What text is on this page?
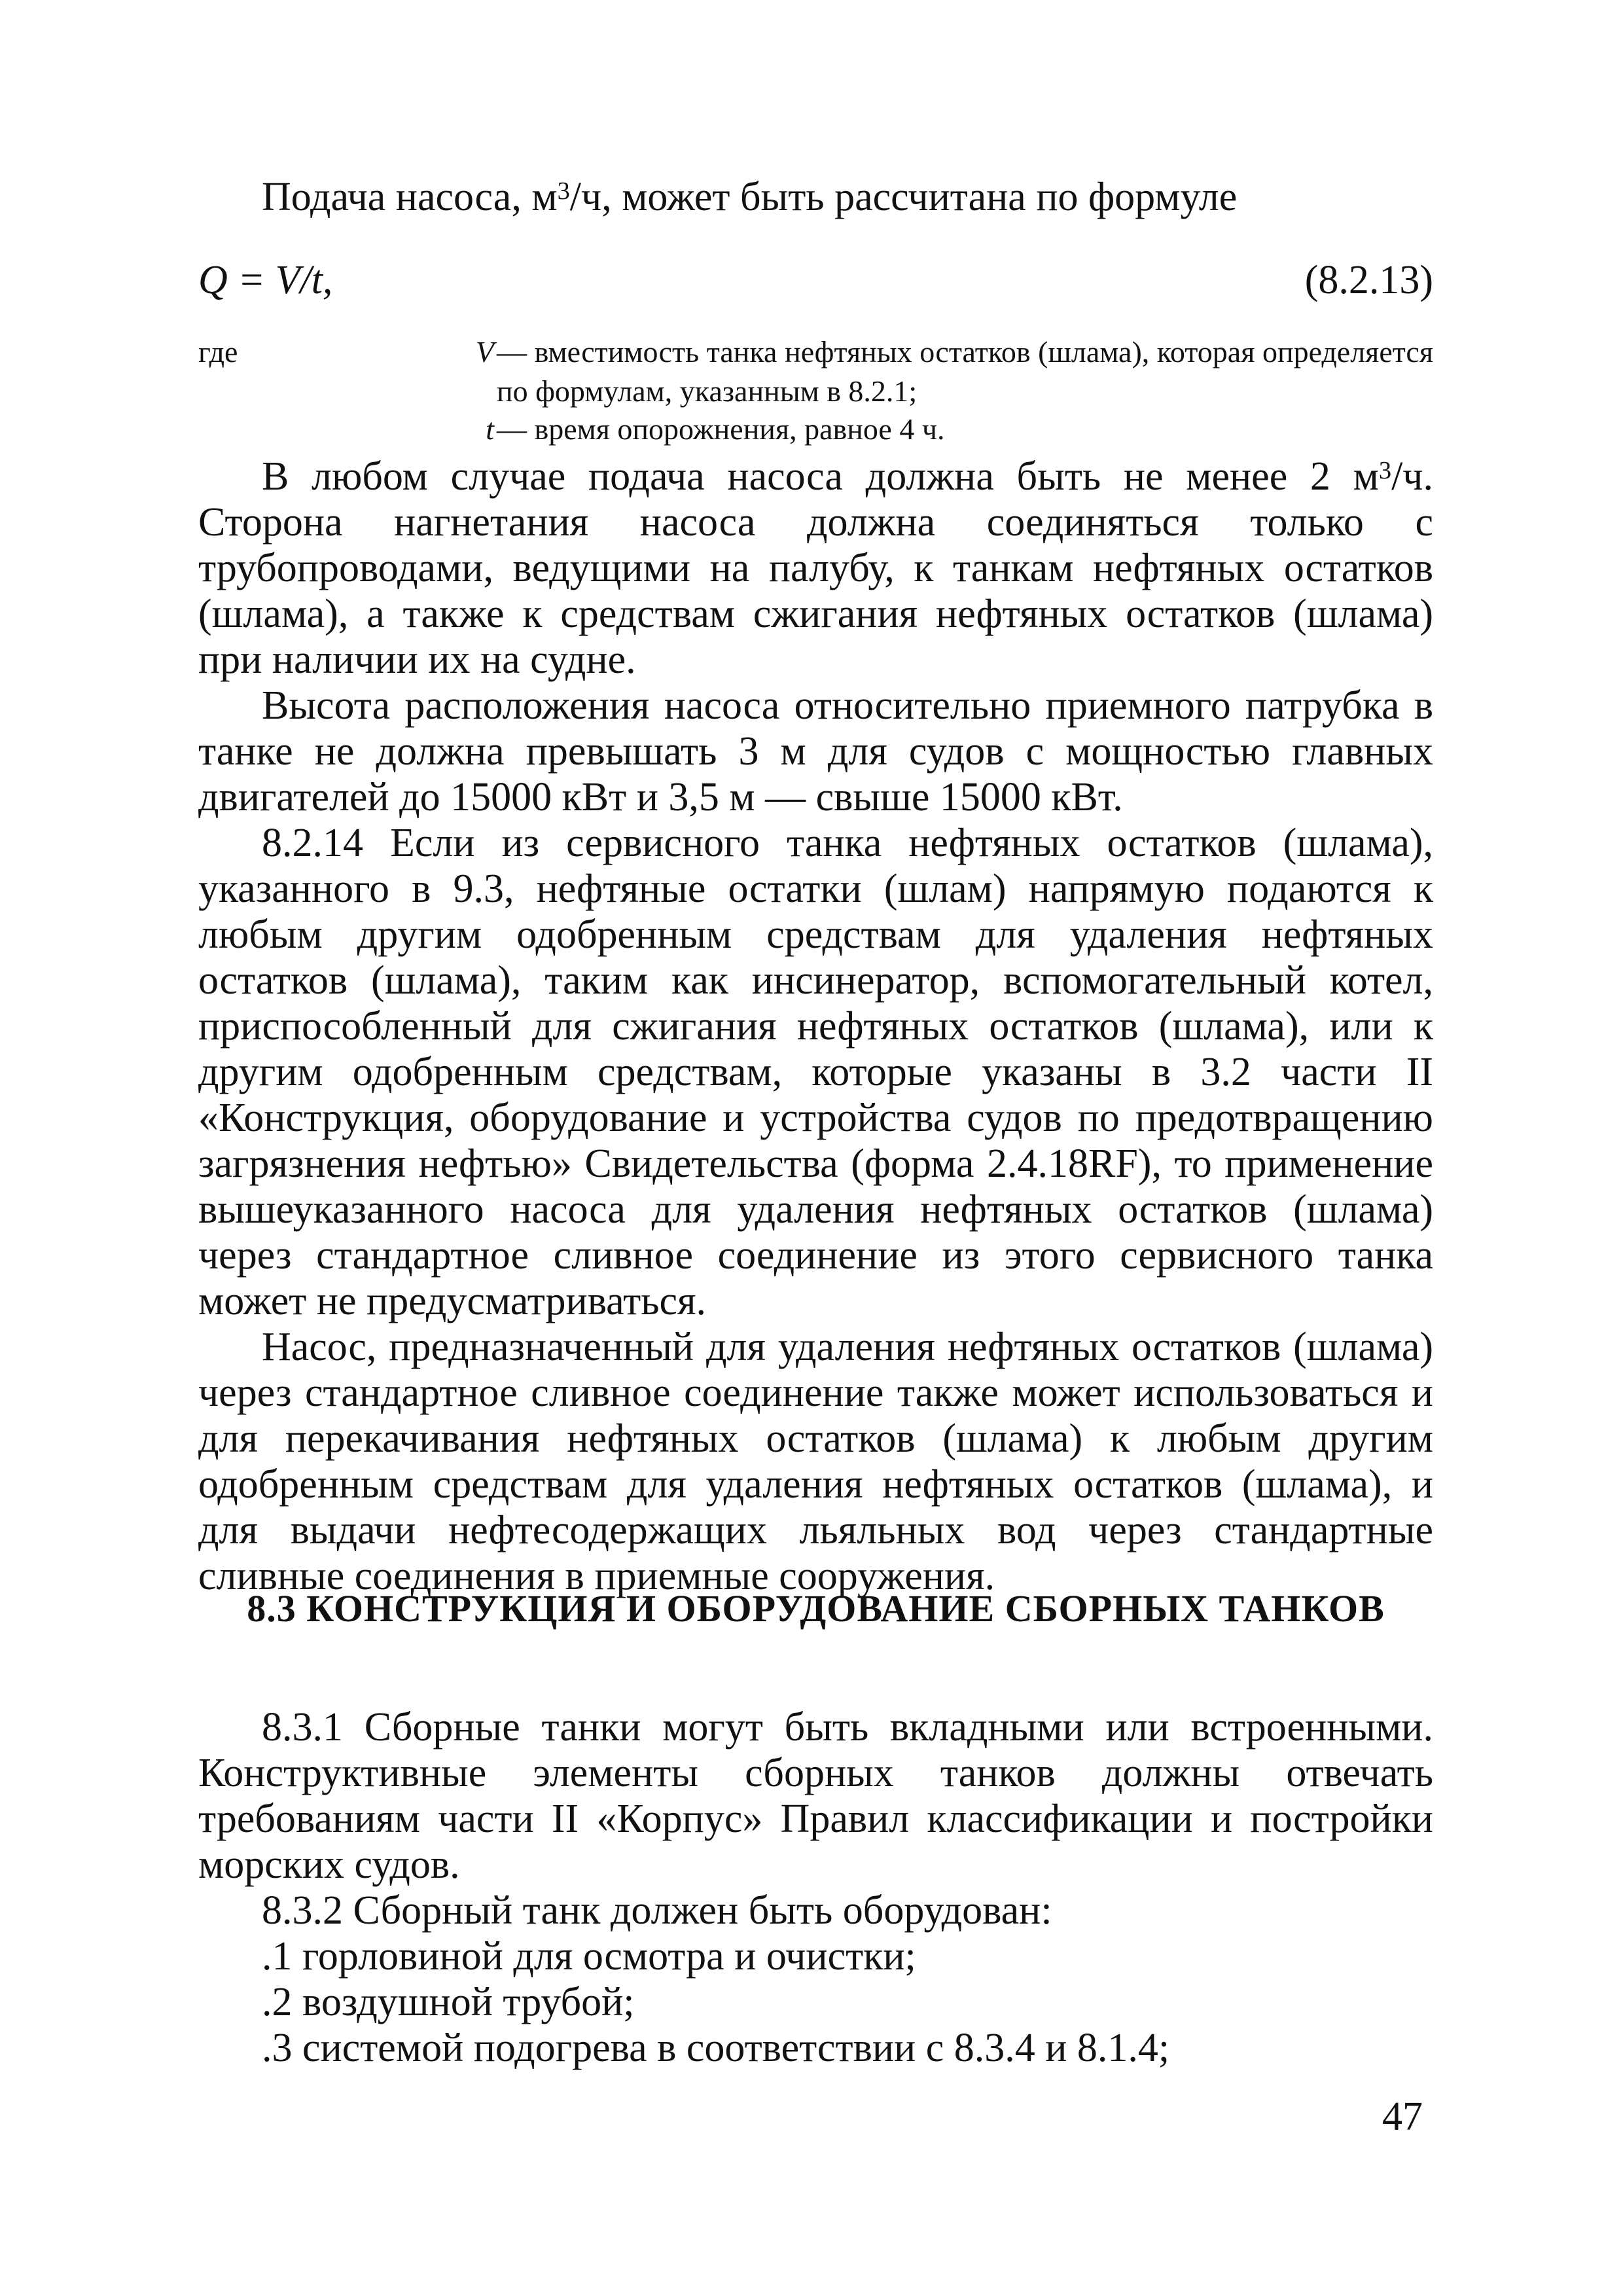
Подача насоса, $м^3/ч$, может быть рассчитана по формуле
Q = V/t,	(8.2.13)
где	V — вместимость танка нефтяных остатков (шлама), которая определяется по формулам, указанным в 8.2.1;
t — время опорожнения, равное 4 ч.

В любом случае подача насоса должна быть не менее 2 $м^3/ч$. Сторона нагнетания насоса должна соединяться только с трубопроводами, ведущими на палубу, к танкам нефтяных остатков (шлама), а также к средствам сжигания нефтяных остатков (шлама) при наличии их на судне.

Высота расположения насоса относительно приемного патрубка в танке не должна превышать 3 м для судов с мощностью главных двигателей до 15000 кВт и 3,5 м — свыше 15000 кВт.

8.2.14 Если из сервисного танка нефтяных остатков (шлама), указанного в 9.3, нефтяные остатки (шлам) напрямую подаются к любым другим одобренным средствам для удаления нефтяных остатков (шлама), таким как инсинератор, вспомогательный котел, приспособленный для сжигания нефтяных остатков (шлама), или к другим одобренным средствам, которые указаны в 3.2 части II «Конструкция, оборудование и устройства судов по предотвращению загрязнения нефтью» Свидетельства (форма 2.4.18RF), то применение вышеуказанного насоса для удаления нефтяных остатков (шлама) через стандартное сливное соединение из этого сервисного танка может не предусматриваться.

Насос, предназначенный для удаления нефтяных остатков (шлама) через стандартное сливное соединение также может использоваться и для перекачивания нефтяных остатков (шлама) к любым другим одобренным средствам для удаления нефтяных остатков (шлама), и для выдачи нефтесодержащих льяльных вод через стандартные сливные соединения в приемные сооружения.

8.3 КОНСТРУКЦИЯ И ОБОРУДОВАНИЕ СБОРНЫХ ТАНКОВ

8.3.1 Сборные танки могут быть вкладными или встроенными. Конструктивные элементы сборных танков должны отвечать требованиям части II «Корпус» Правил классификации и постройки морских судов.

8.3.2 Сборный танк должен быть оборудован:

.1 горловиной для осмотра и очистки;

.2 воздушной трубой;

.3 системой подогрева в соответствии с 8.3.4 и 8.1.4;

47
